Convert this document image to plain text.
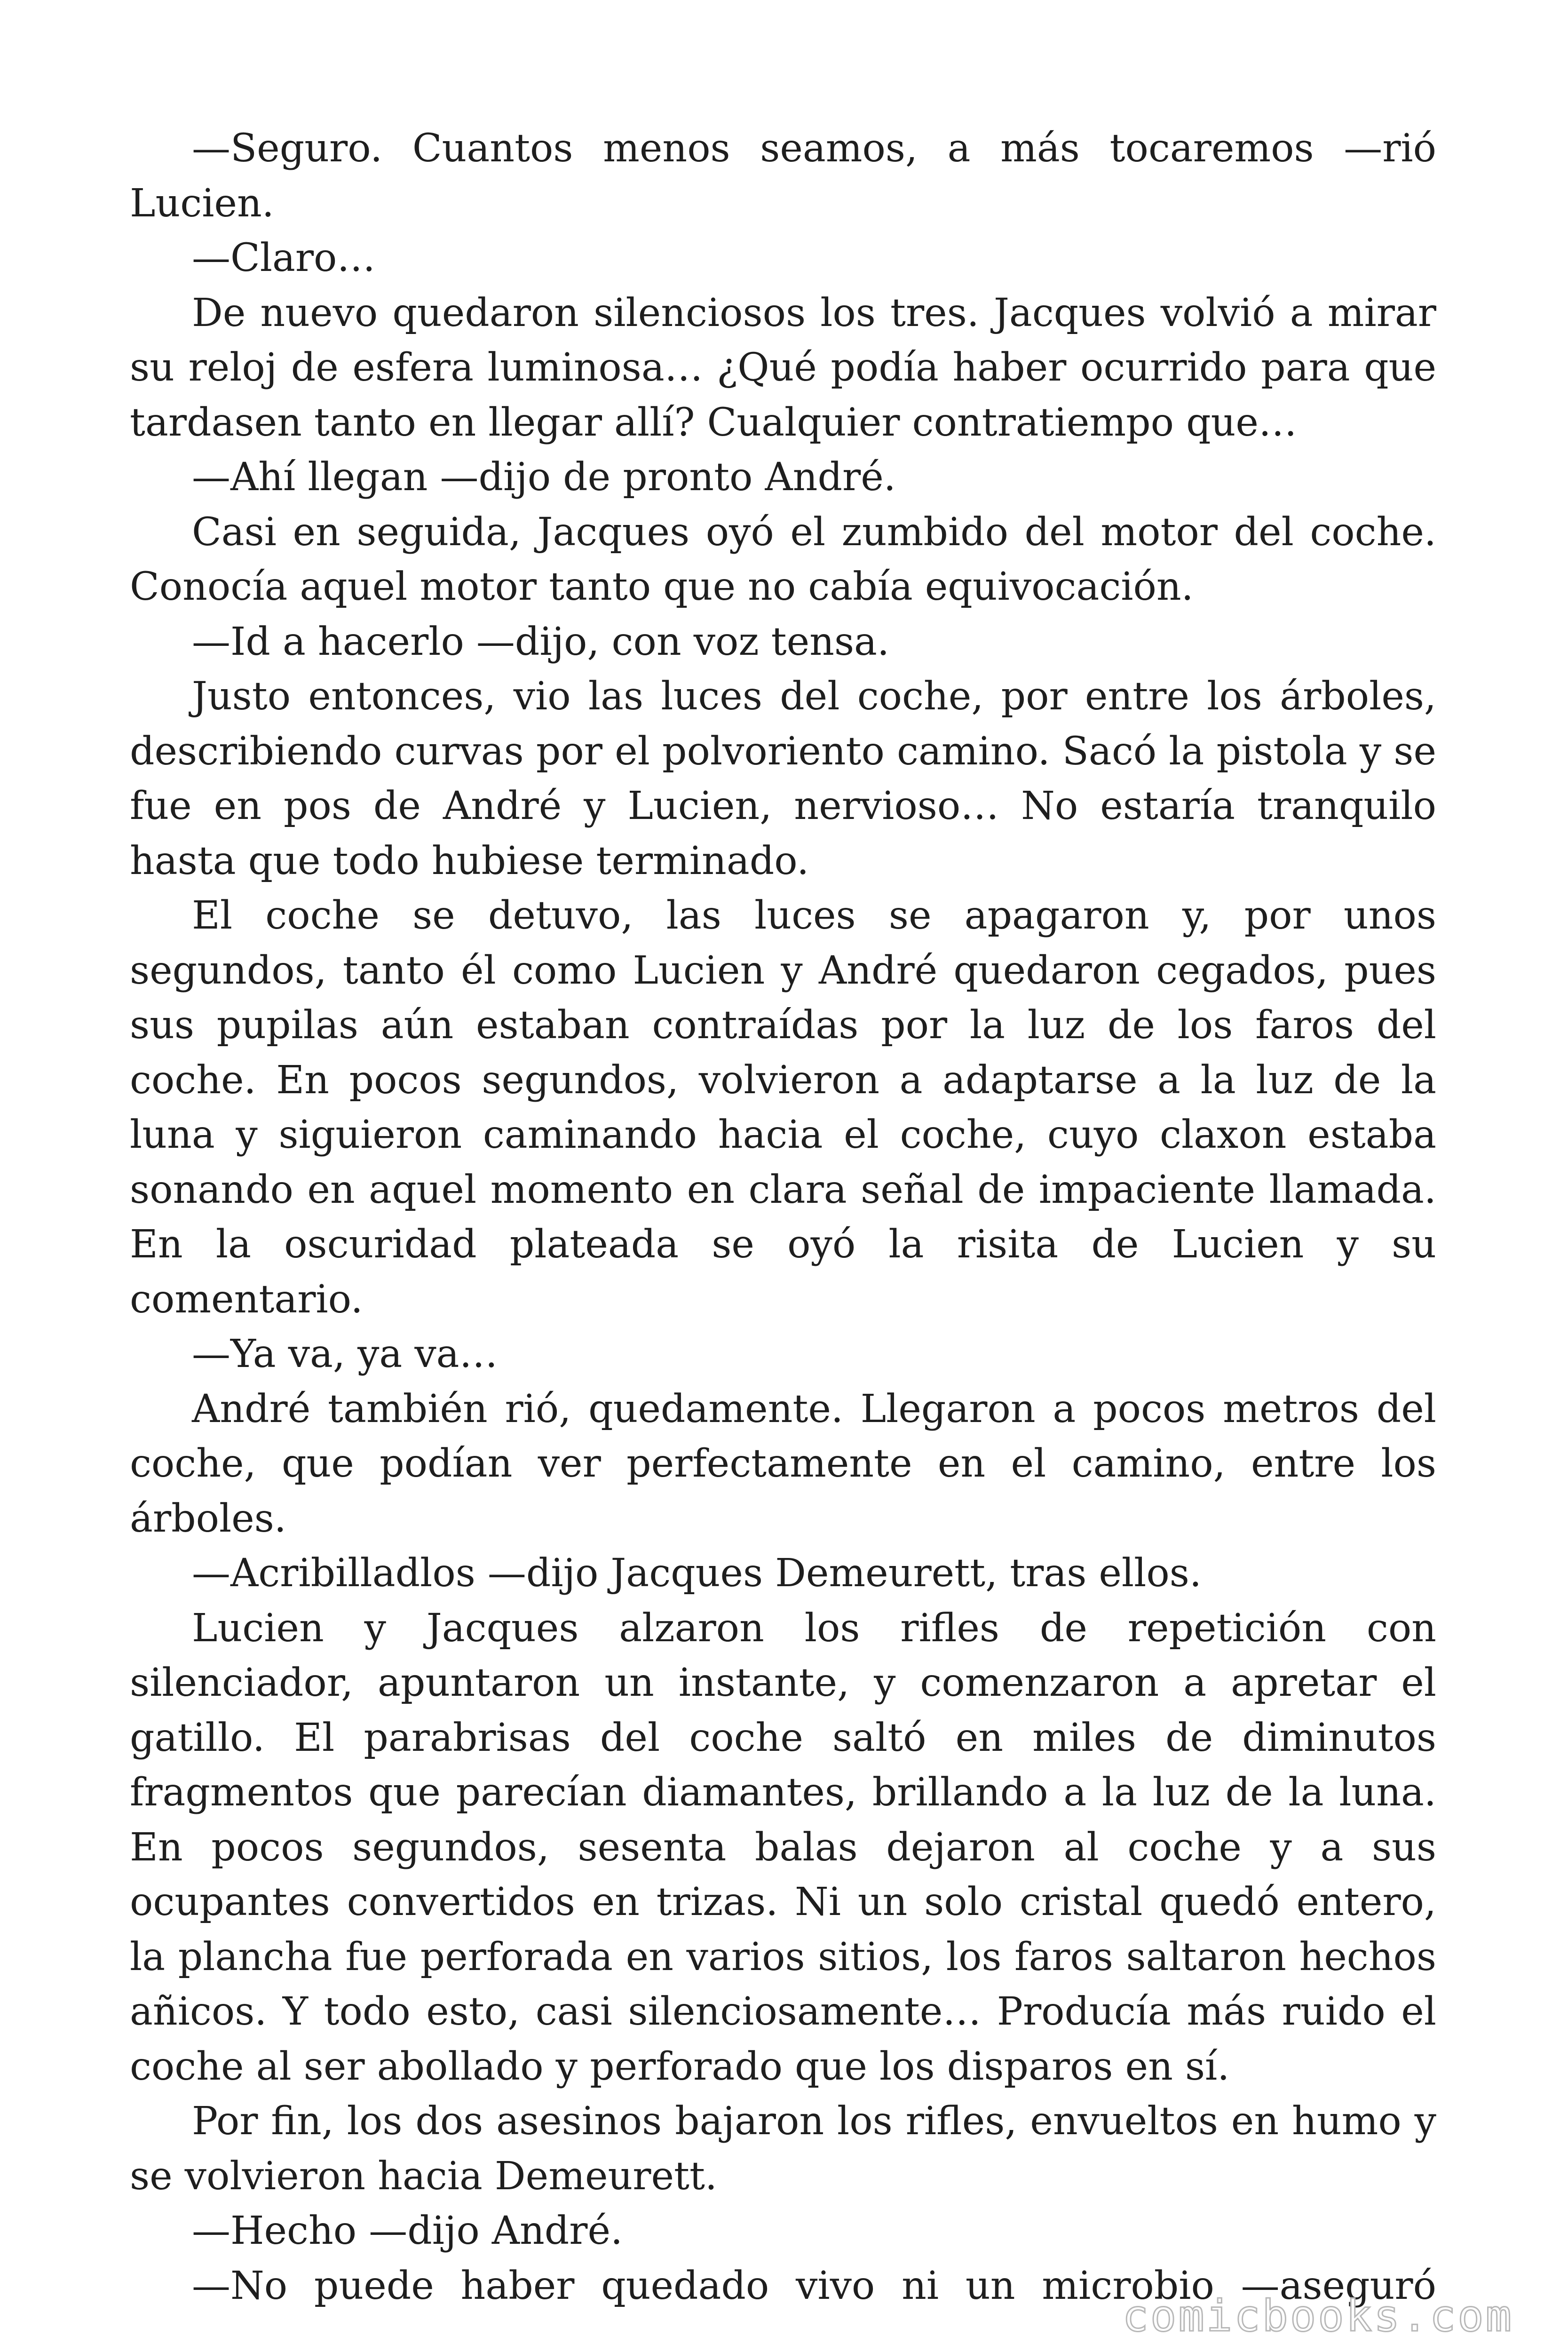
—Seguro. Cuantos menos seamos, a más tocaremos —rió Lucien.

—Claro…

De nuevo quedaron silenciosos los tres. Jacques volvió a mirar su reloj de esfera luminosa… ¿Qué podía haber ocurrido para que tardasen tanto en llegar allí? Cualquier contratiempo que…

—Ahí llegan —dijo de pronto André.

Casi en seguida, Jacques oyó el zumbido del motor del coche. Conocía aquel motor tanto que no cabía equivocación.

—Id a hacerlo —dijo, con voz tensa.

Justo entonces, vio las luces del coche, por entre los árboles, describiendo curvas por el polvoriento camino. Sacó la pistola y se fue en pos de André y Lucien, nervioso… No estaría tranquilo hasta que todo hubiese terminado.

El coche se detuvo, las luces se apagaron y, por unos segundos, tanto él como Lucien y André quedaron cegados, pues sus pupilas aún estaban contraídas por la luz de los faros del coche. En pocos segundos, volvieron a adaptarse a la luz de la luna y siguieron caminando hacia el coche, cuyo claxon estaba sonando en aquel momento en clara señal de impaciente llamada. En la oscuridad plateada se oyó la risita de Lucien y su comentario.

—Ya va, ya va…

André también rió, quedamente. Llegaron a pocos metros del coche, que podían ver perfectamente en el camino, entre los árboles.

—Acribilladlos —dijo Jacques Demeurett, tras ellos.

Lucien y Jacques alzaron los rifles de repetición con silenciador, apuntaron un instante, y comenzaron a apretar el gatillo. El parabrisas del coche saltó en miles de diminutos fragmentos que parecían diamantes, brillando a la luz de la luna. En pocos segundos, sesenta balas dejaron al coche y a sus ocupantes convertidos en trizas. Ni un solo cristal quedó entero, la plancha fue perforada en varios sitios, los faros saltaron hechos añicos. Y todo esto, casi silenciosamente… Producía más ruido el coche al ser abollado y perforado que los disparos en sí.

Por fin, los dos asesinos bajaron los rifles, envueltos en humo y se volvieron hacia Demeurett.

—Hecho —dijo André.

—No puede haber quedado vivo ni un microbio —aseguró

comicbooks.com
